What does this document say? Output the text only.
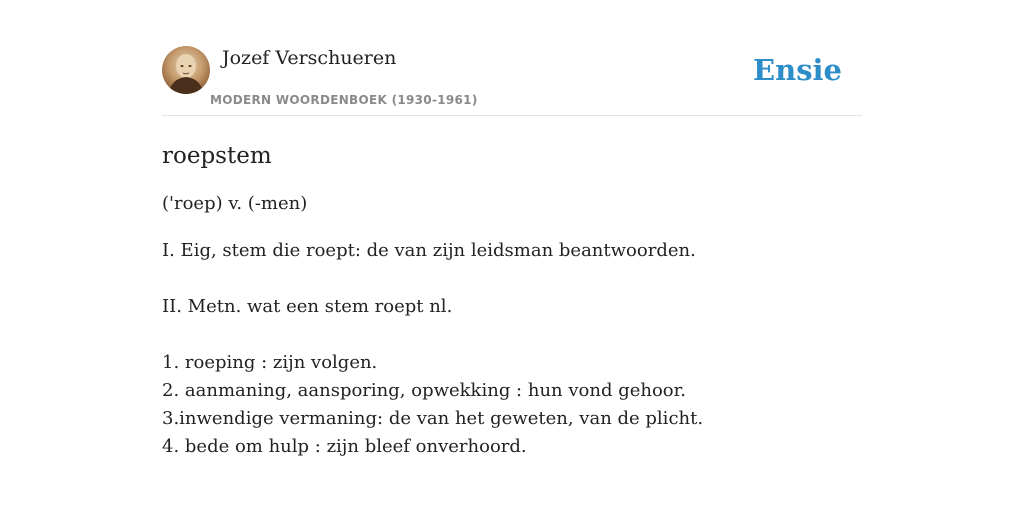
Jozef Verschueren
MODERN WOORDENBOEK (1930-1961)
Ensie
roepstem
('roep) v. (-men)

I. Eig, stem die roept: de van zijn leidsman beantwoorden.

II. Metn. wat een stem roept nl.

1. roeping : zijn volgen.

2. aanmaning, aansporing, opwekking : hun vond gehoor.

3.inwendige vermaning: de van het geweten, van de plicht.

4. bede om hulp : zijn bleef onverhoord.
